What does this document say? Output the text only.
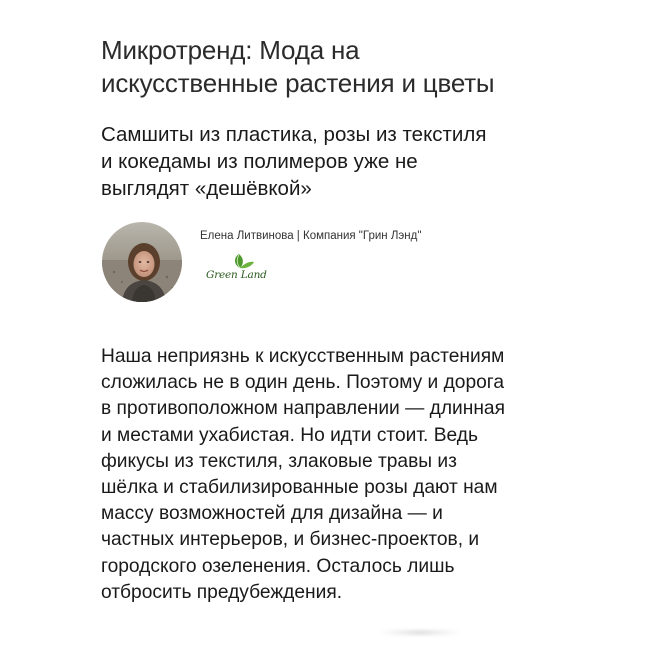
Микротренд: Мода на
искусственные растения и цветы
Самшиты из пластика, розы из текстиля
и кокедамы из полимеров уже не
выглядят «дешёвкой»
Елена Литвинова | Компания "Грин Лэнд"
Green Land
Наша неприязнь к искусственным растениям
сложилась не в один день. Поэтому и дорога
в противоположном направлении — длинная
и местами ухабистая. Но идти стоит. Ведь
фикусы из текстиля, злаковые травы из
шёлка и стабилизированные розы дают нам
массу возможностей для дизайна — и
частных интерьеров, и бизнес-проектов, и
городского озеленения. Осталось лишь
отбросить предубеждения.
